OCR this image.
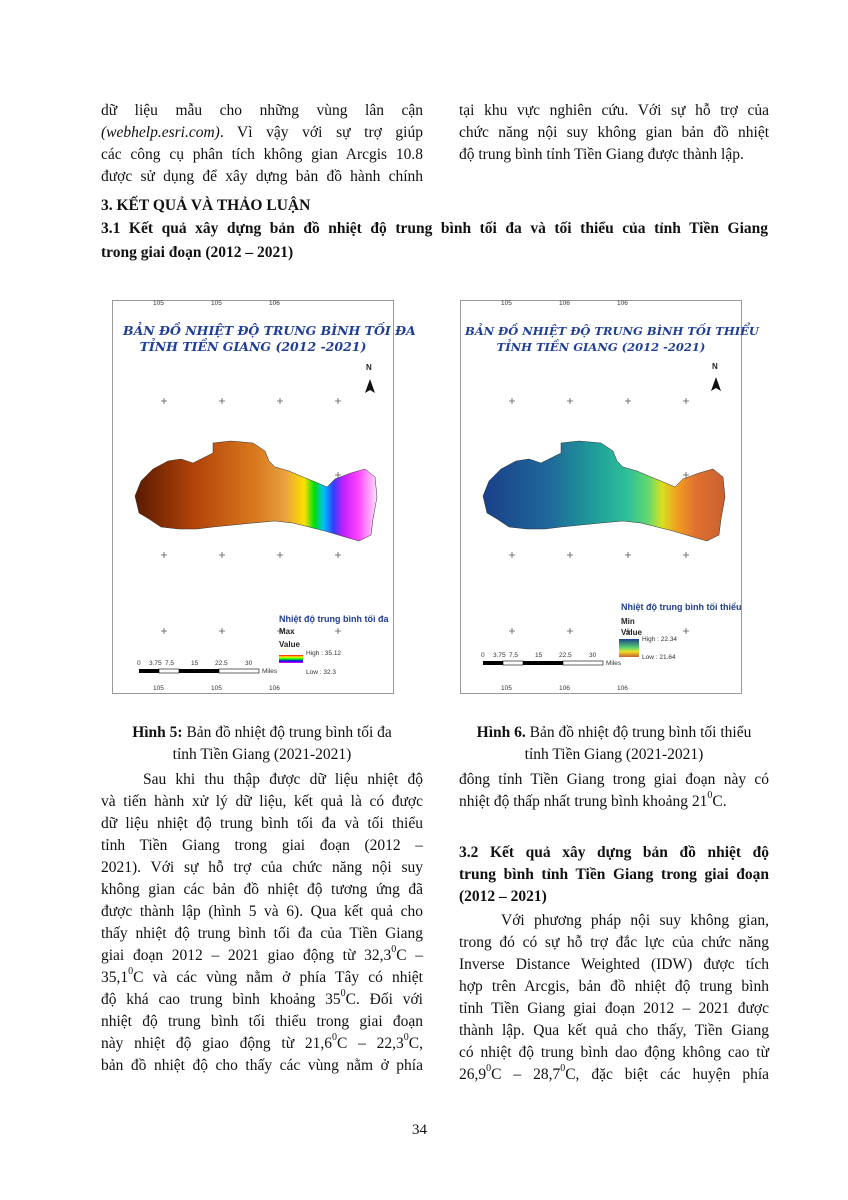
dữ liệu mẫu cho những vùng lân cận
(webhelp.esri.com). Vì vậy với sự trợ giúp
các công cụ phân tích không gian Arcgis 10.8
được sử dụng để xây dựng bản đồ hành chính
tại khu vực nghiên cứu. Với sự hỗ trợ của
chức năng nội suy không gian bản đồ nhiệt
độ trung bình tỉnh Tiền Giang được thành lập.
3. KẾT QUẢ VÀ THẢO LUẬN
3.1 Kết quả xây dựng bản đồ nhiệt độ trung bình tối đa và tối thiểu của tỉnh Tiền Giang
trong giai đoạn (2012 – 2021)
BẢN ĐỒ NHIỆT ĐỘ TRUNG BÌNH TỐI ĐA
TỈNH TIỀN GIANG (2012 -2021)
N
105	105	106
105	105	106
Nhiệt độ trung bình tối đa
Max
Value
High : 35.12
Low : 32.3
0 3.75 7.5	15	22.5	30
Miles
BẢN ĐỒ NHIỆT ĐỘ TRUNG BÌNH TỐI THIỂU
TỈNH TIỀN GIANG (2012 -2021)
N
105	106	106
105	106	106
Nhiệt độ trung bình tối thiểu
Min
Value
High : 22.34
Low : 21.64
0 3.75 7.5	15	22.5	30
Miles
Hình 5: Bản đồ nhiệt độ trung bình tối đa
tỉnh Tiền Giang (2021-2021)
Hình 6. Bản đồ nhiệt độ trung bình tối thiểu
tỉnh Tiền Giang (2021-2021)
Sau khi thu thập được dữ liệu nhiệt độ
và tiến hành xử lý dữ liệu, kết quả là có được
dữ liệu nhiệt độ trung bình tối đa và tối thiểu
tỉnh Tiền Giang trong giai đoạn (2012 –
2021). Với sự hỗ trợ của chức năng nội suy
không gian các bản đồ nhiệt độ tương ứng đã
được thành lập (hình 5 và 6). Qua kết quả cho
thấy nhiệt độ trung bình tối đa của Tiền Giang
giai đoạn 2012 – 2021 giao động từ 32,3$^0$C –
35,1$^0$C và các vùng nằm ở phía Tây có nhiệt
độ khá cao trung bình khoảng $35^0C$. Đối với
nhiệt độ trung bình tối thiểu trong giai đoạn
này nhiệt độ giao động từ 21,6$^0$C – 22,3$^0$C,
bản đồ nhiệt độ cho thấy các vùng nằm ở phía
đông tỉnh Tiền Giang trong giai đoạn này có
nhiệt độ thấp nhất trung bình khoảng $21^0C$.
3.2 Kết quả xây dựng bản đồ nhiệt độ
trung bình tỉnh Tiền Giang trong giai đoạn
(2012 – 2021)
Với phương pháp nội suy không gian,
trong đó có sự hỗ trợ đắc lực của chức năng
Inverse Distance Weighted (IDW) được tích
hợp trên Arcgis, bản đồ nhiệt độ trung bình
tỉnh Tiền Giang giai đoạn 2012 – 2021 được
thành lập. Qua kết quả cho thấy, Tiền Giang
có nhiệt độ trung bình dao động không cao từ
26,9$^0$C – 28,7$^0$C, đặc biệt các huyện phía
34
